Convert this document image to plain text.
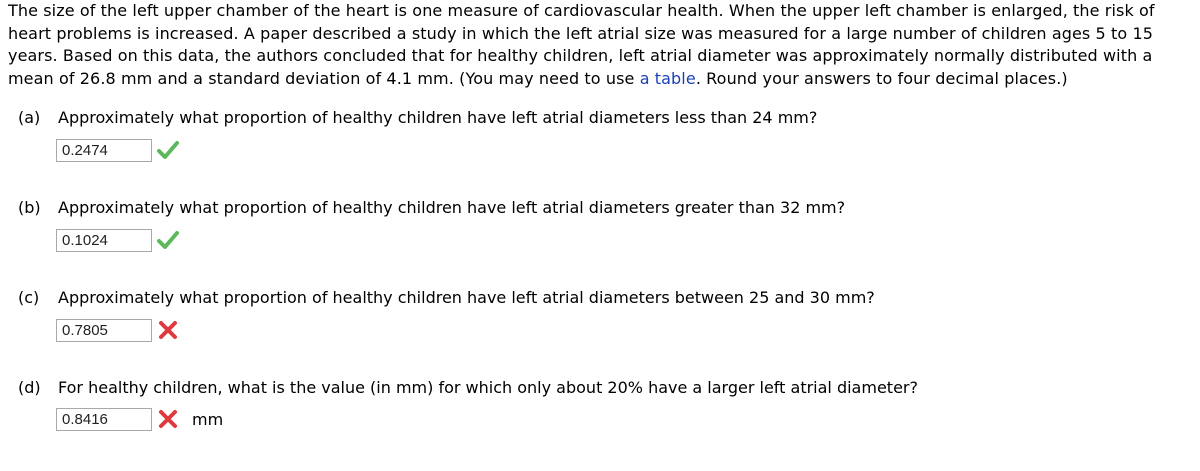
The size of the left upper chamber of the heart is one measure of cardiovascular health. When the upper left chamber is enlarged, the risk of heart problems is increased. A paper described a study in which the left atrial size was measured for a large number of children ages 5 to 15 years. Based on this data, the authors concluded that for healthy children, left atrial diameter was approximately normally distributed with a mean of 26.8 mm and a standard deviation of 4.1 mm. (You may need to use a table. Round your answers to four decimal places.)
(a) Approximately what proportion of healthy children have left atrial diameters less than 24 mm?
0.2474
(b) Approximately what proportion of healthy children have left atrial diameters greater than 32 mm?
0.1024
(c) Approximately what proportion of healthy children have left atrial diameters between 25 and 30 mm?
0.7805
(d) For healthy children, what is the value (in mm) for which only about 20% have a larger left atrial diameter?
0.8416	mm
